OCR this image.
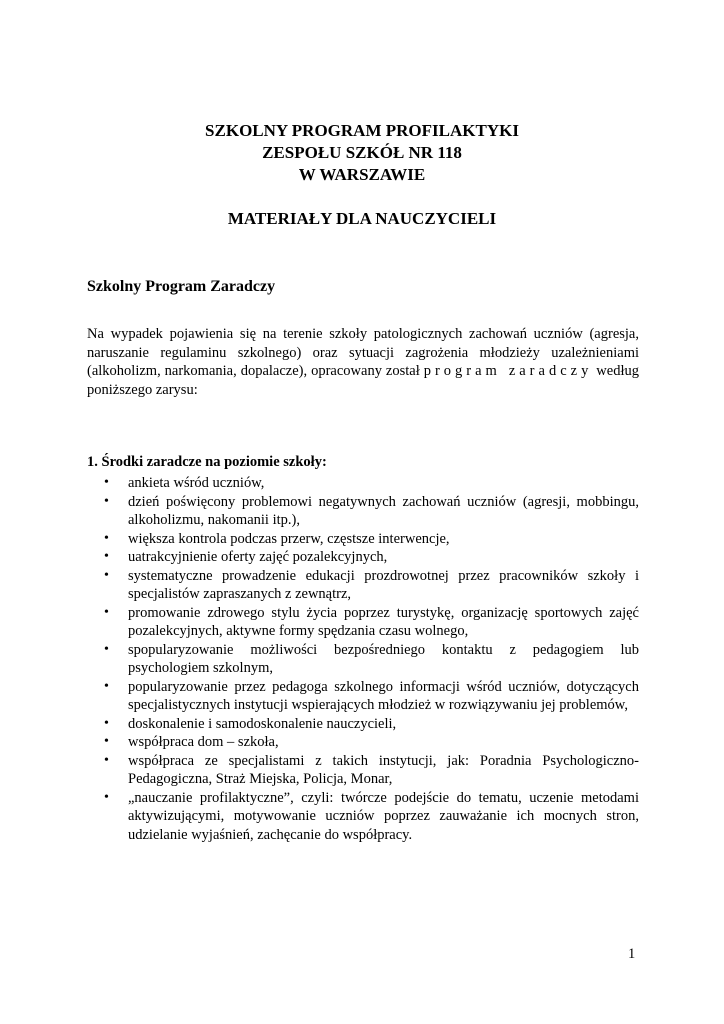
SZKOLNY PROGRAM PROFILAKTYKI
ZESPOŁU SZKÓŁ NR 118
W WARSZAWIE
MATERIAŁY DLA NAUCZYCIELI
Szkolny Program Zaradczy
Na wypadek pojawienia się na terenie szkoły patologicznych zachowań uczniów (agresja, naruszanie regulaminu szkolnego) oraz sytuacji zagrożenia młodzieży uzależnieniami (alkoholizm, narkomania, dopalacze), opracowany został program zaradczy według poniższego zarysu:
1. Środki zaradcze na poziomie szkoły:
• ankieta wśród uczniów,
• dzień poświęcony problemowi negatywnych zachowań uczniów (agresji, mobbingu, alkoholizmu, nakomanii itp.),
• większa kontrola podczas przerw, częstsze interwencje,
• uatrakcyjnienie oferty zajęć pozalekcyjnych,
• systematyczne prowadzenie edukacji prozdrowotnej przez pracowników szkoły i specjalistów zapraszanych z zewnątrz,
• promowanie zdrowego stylu życia poprzez turystykę, organizację sportowych zajęć pozalekcyjnych, aktywne formy spędzania czasu wolnego,
• spopularyzowanie możliwości bezpośredniego kontaktu z pedagogiem lub psychologiem szkolnym,
• popularyzowanie przez pedagoga szkolnego informacji wśród uczniów, dotyczących specjalistycznych instytucji wspierających młodzież w rozwiązywaniu jej problemów,
• doskonalenie i samodoskonalenie nauczycieli,
• współpraca dom – szkoła,
• współpraca ze specjalistami z takich instytucji, jak: Poradnia Psychologiczno-Pedagogiczna, Straż Miejska, Policja, Monar,
• „nauczanie profilaktyczne”, czyli: twórcze podejście do tematu, uczenie metodami aktywizującymi, motywowanie uczniów poprzez zauważanie ich mocnych stron, udzielanie wyjaśnień, zachęcanie do współpracy.
1
